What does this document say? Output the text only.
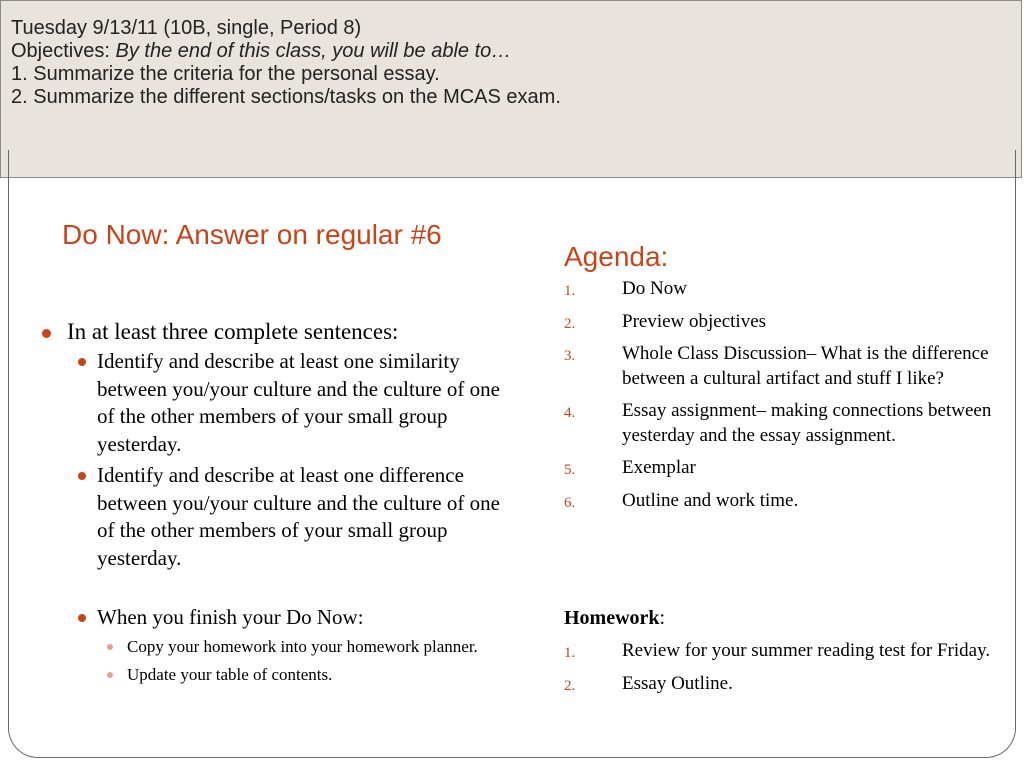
Tuesday 9/13/11 (10B, single, Period 8)
Objectives: By the end of this class, you will be able to…
1. Summarize the criteria for the personal essay.
2. Summarize the different sections/tasks on the MCAS exam.
Do Now: Answer on regular #6
In at least three complete sentences:
Identify and describe at least one similarity between you/your culture and the culture of one of the other members of your small group yesterday.
Identify and describe at least one difference between you/your culture and the culture of one of the other members of your small group yesterday.
When you finish your Do Now:
Copy your homework into your homework planner.
Update your table of contents.
Agenda:
1. Do Now
2. Preview objectives
3. Whole Class Discussion– What is the difference between a cultural artifact and stuff I like?
4. Essay assignment– making connections between yesterday and the essay assignment.
5. Exemplar
6. Outline and work time.

Homework:

1. Review for your summer reading test for Friday.
2. Essay Outline.
